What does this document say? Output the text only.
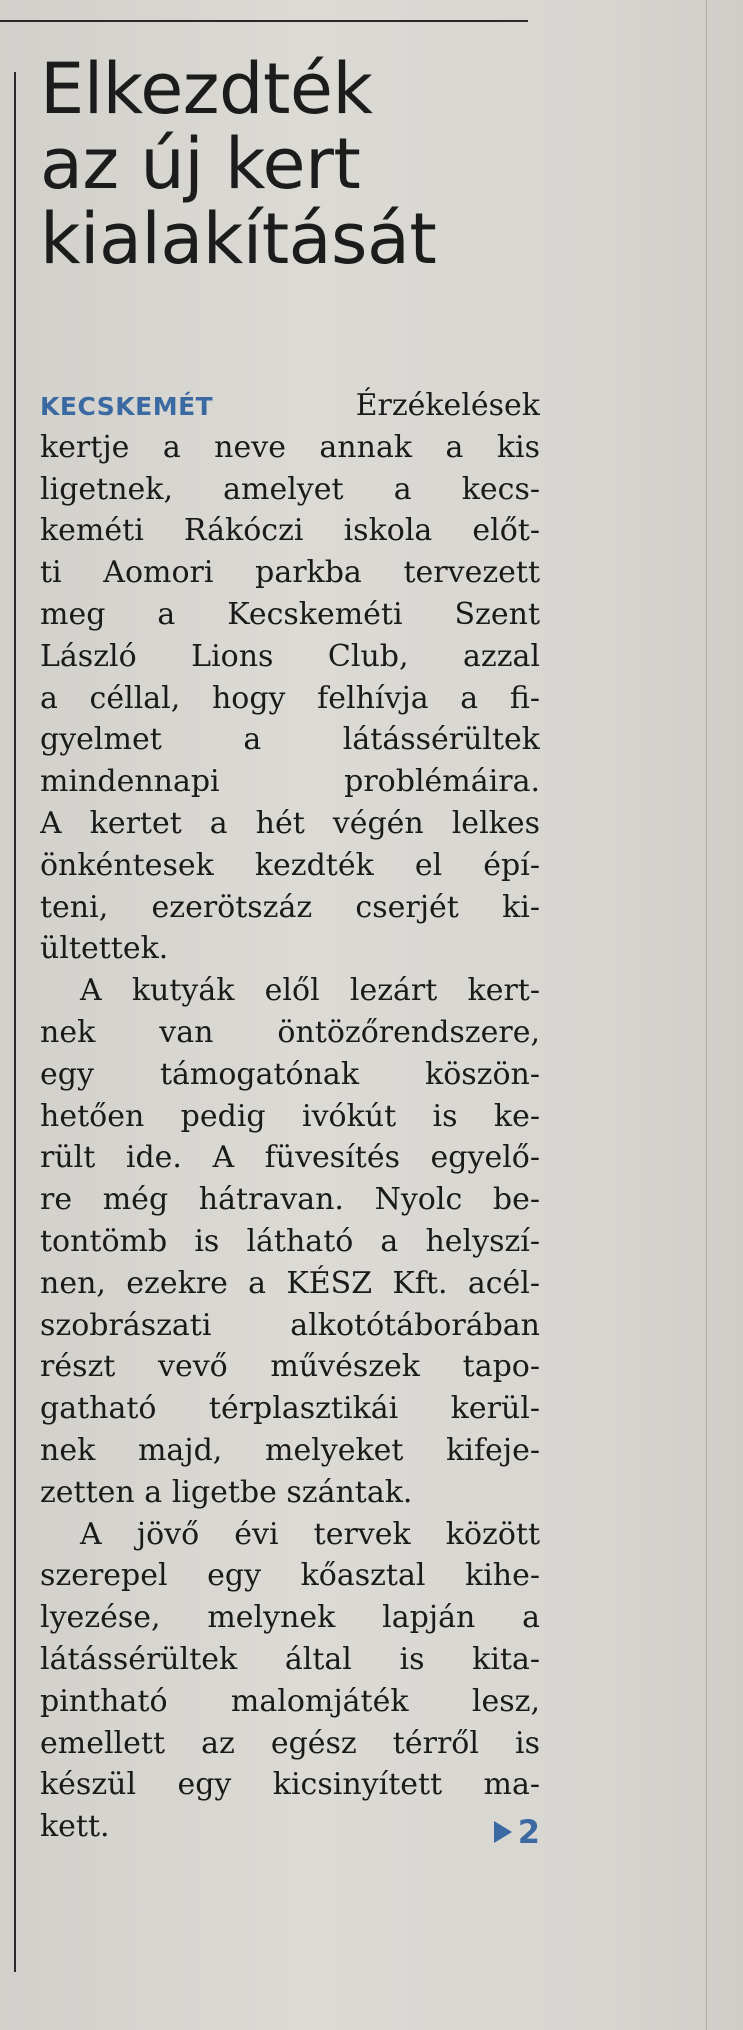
Elkezdték
az új kert
kialakítását
KECSKEMÉT	Érzékelések
kertje a neve annak a kis
ligetnek, amelyet a kecs-
keméti Rákóczi iskola előt-
ti Aomori parkba tervezett
meg a Kecskeméti Szent
László Lions Club, azzal
a céllal, hogy felhívja a fi-
gyelmet a látássérültek
mindennapi problémáira.
A kertet a hét végén lelkes
önkéntesek kezdték el épí-
teni, ezerötszáz cserjét ki-
ültettek.
A kutyák elől lezárt kert-
nek van öntözőrendszere,
egy támogatónak köszön-
hetően pedig ivókút is ke-
rült ide. A füvesítés egyelő-
re még hátravan. Nyolc be-
tontömb is látható a helyszí-
nen, ezekre a KÉSZ Kft. acél-
szobrászati alkotótáborában
részt vevő művészek tapo-
gatható térplasztikái kerül-
nek majd, melyeket kifeje-
zetten a ligetbe szántak.
A jövő évi tervek között
szerepel egy kőasztal kihe-
lyezése, melynek lapján a
látássérültek által is kita-
pintható malomjáték lesz,
emellett az egész térről is
készül egy kicsinyített ma-
kett.	2
